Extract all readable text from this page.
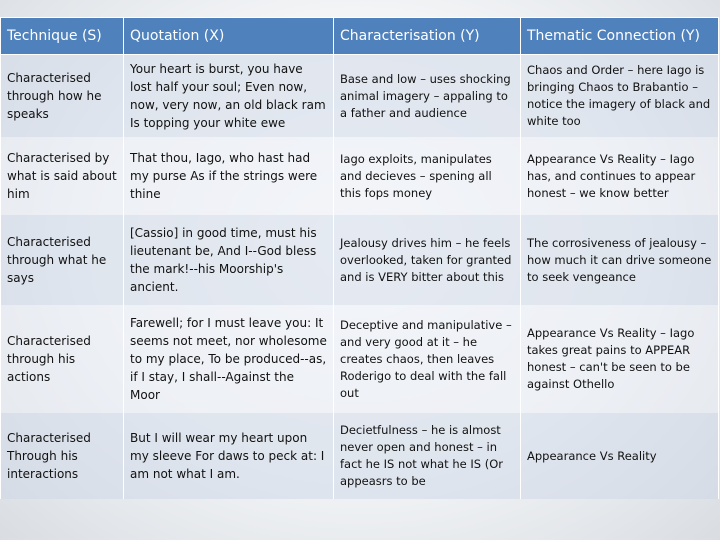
Technique (S)	Quotation (X)	Characterisation (Y)	Thematic Connection (Y)
Characterised through how he speaks	Your heart is burst, you have lost half your soul; Even now, now, very now, an old black ram Is topping your white ewe	Base and low – uses shocking animal imagery – appaling to a father and audience	Chaos and Order – here Iago is bringing Chaos to Brabantio – notice the imagery of black and white too
Characterised by what is said about him	That thou, Iago, who hast had my purse As if the strings were thine	Iago exploits, manipulates and decieves – spening all this fops money	Appearance Vs Reality – Iago has, and continues to appear honest – we know better
Characterised through what he says	[Cassio] in good time, must his lieutenant be, And I--God bless the mark!--his Moorship's ancient.	Jealousy drives him – he feels overlooked, taken for granted and is VERY bitter about this	The corrosiveness of jealousy – how much it can drive someone to seek vengeance
Characterised through his actions	Farewell; for I must leave you: It seems not meet, nor wholesome to my place, To be produced--as, if I stay, I shall--Against the Moor	Deceptive and manipulative – and very good at it – he creates chaos, then leaves Roderigo to deal with the fall out	Appearance Vs Reality – Iago takes great pains to APPEAR honest – can't be seen to be against Othello
Characterised Through his interactions	But I will wear my heart upon my sleeve For daws to peck at: I am not what I am.	Decietfulness – he is almost never open and honest – in fact he IS not what he IS (Or appeasrs to be	Appearance Vs Reality
